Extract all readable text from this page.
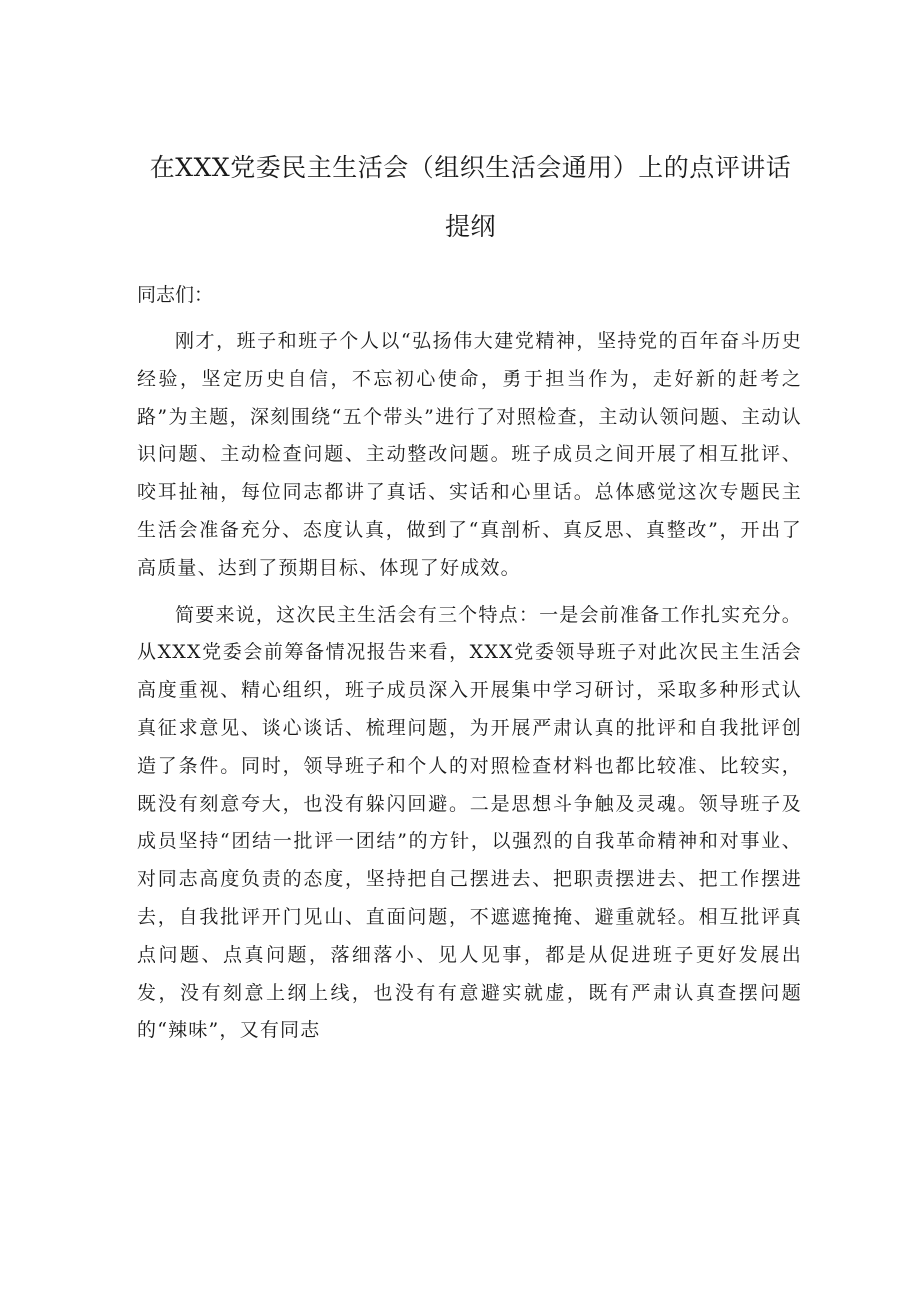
在XXX党委民主生活会（组织生活会通用）上的点评讲话提纲

同志们：

刚才，班子和班子个人以“弘扬伟大建党精神，坚持党的百年奋斗历史经验，坚定历史自信，不忘初心使命，勇于担当作为，走好新的赶考之路”为主题，深刻围绕“五个带头”进行了对照检查，主动认领问题、主动认识问题、主动检查问题、主动整改问题。班子成员之间开展了相互批评、咬耳扯袖，每位同志都讲了真话、实话和心里话。总体感觉这次专题民主生活会准备充分、态度认真，做到了“真剖析、真反思、真整改”，开出了高质量、达到了预期目标、体现了好成效。

简要来说，这次民主生活会有三个特点：一是会前准备工作扎实充分。从XXX党委会前筹备情况报告来看，XXX党委领导班子对此次民主生活会高度重视、精心组织，班子成员深入开展集中学习研讨，采取多种形式认真征求意见、谈心谈话、梳理问题，为开展严肃认真的批评和自我批评创造了条件。同时，领导班子和个人的对照检查材料也都比较准、比较实，既没有刻意夸大，也没有躲闪回避。二是思想斗争触及灵魂。领导班子及成员坚持“团结一批评一团结”的方针，以强烈的自我革命精神和对事业、对同志高度负责的态度，坚持把自己摆进去、把职责摆进去、把工作摆进去，自我批评开门见山、直面问题，不遮遮掩掩、避重就轻。相互批评真点问题、点真问题，落细落小、见人见事，都是从促进班子更好发展出发，没有刻意上纲上线，也没有有意避实就虚，既有严肃认真查摆问题的“辣味”，又有同志
